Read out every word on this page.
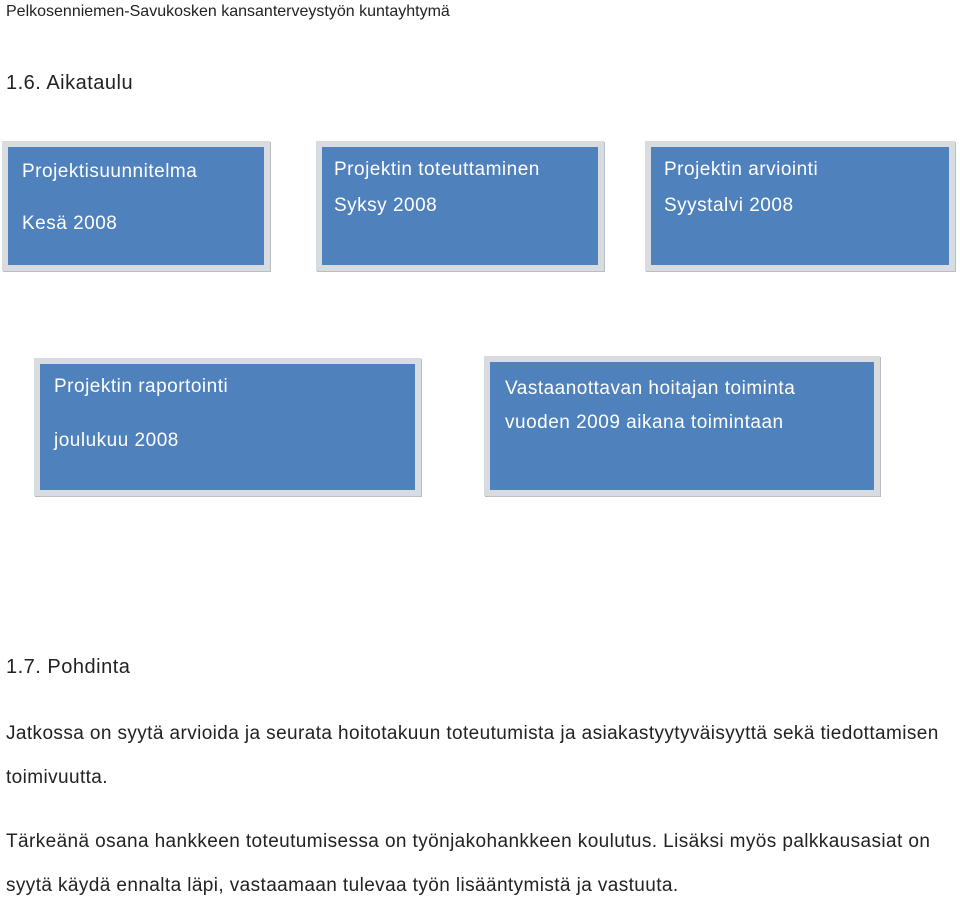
Pelkosenniemen-Savukosken kansanterveystyön kuntayhtymä
1.6. Aikataulu
Projektisuunnitelma
Kesä 2008
Projektin toteuttaminen
Syksy 2008
Projektin arviointi
Syystalvi 2008
Projektin raportointi
joulukuu 2008
Vastaanottavan hoitajan toiminta
vuoden 2009 aikana toimintaan
1.7. Pohdinta

Jatkossa on syytä arvioida ja seurata hoitotakuun toteutumista ja asiakastyytyväisyyttä sekä tiedottamisen toimivuutta.

Tärkeänä osana hankkeen toteutumisessa on työnjakohankkeen koulutus. Lisäksi myös palkkausasiat on syytä käydä ennalta läpi, vastaamaan tulevaa työn lisääntymistä ja vastuuta.
